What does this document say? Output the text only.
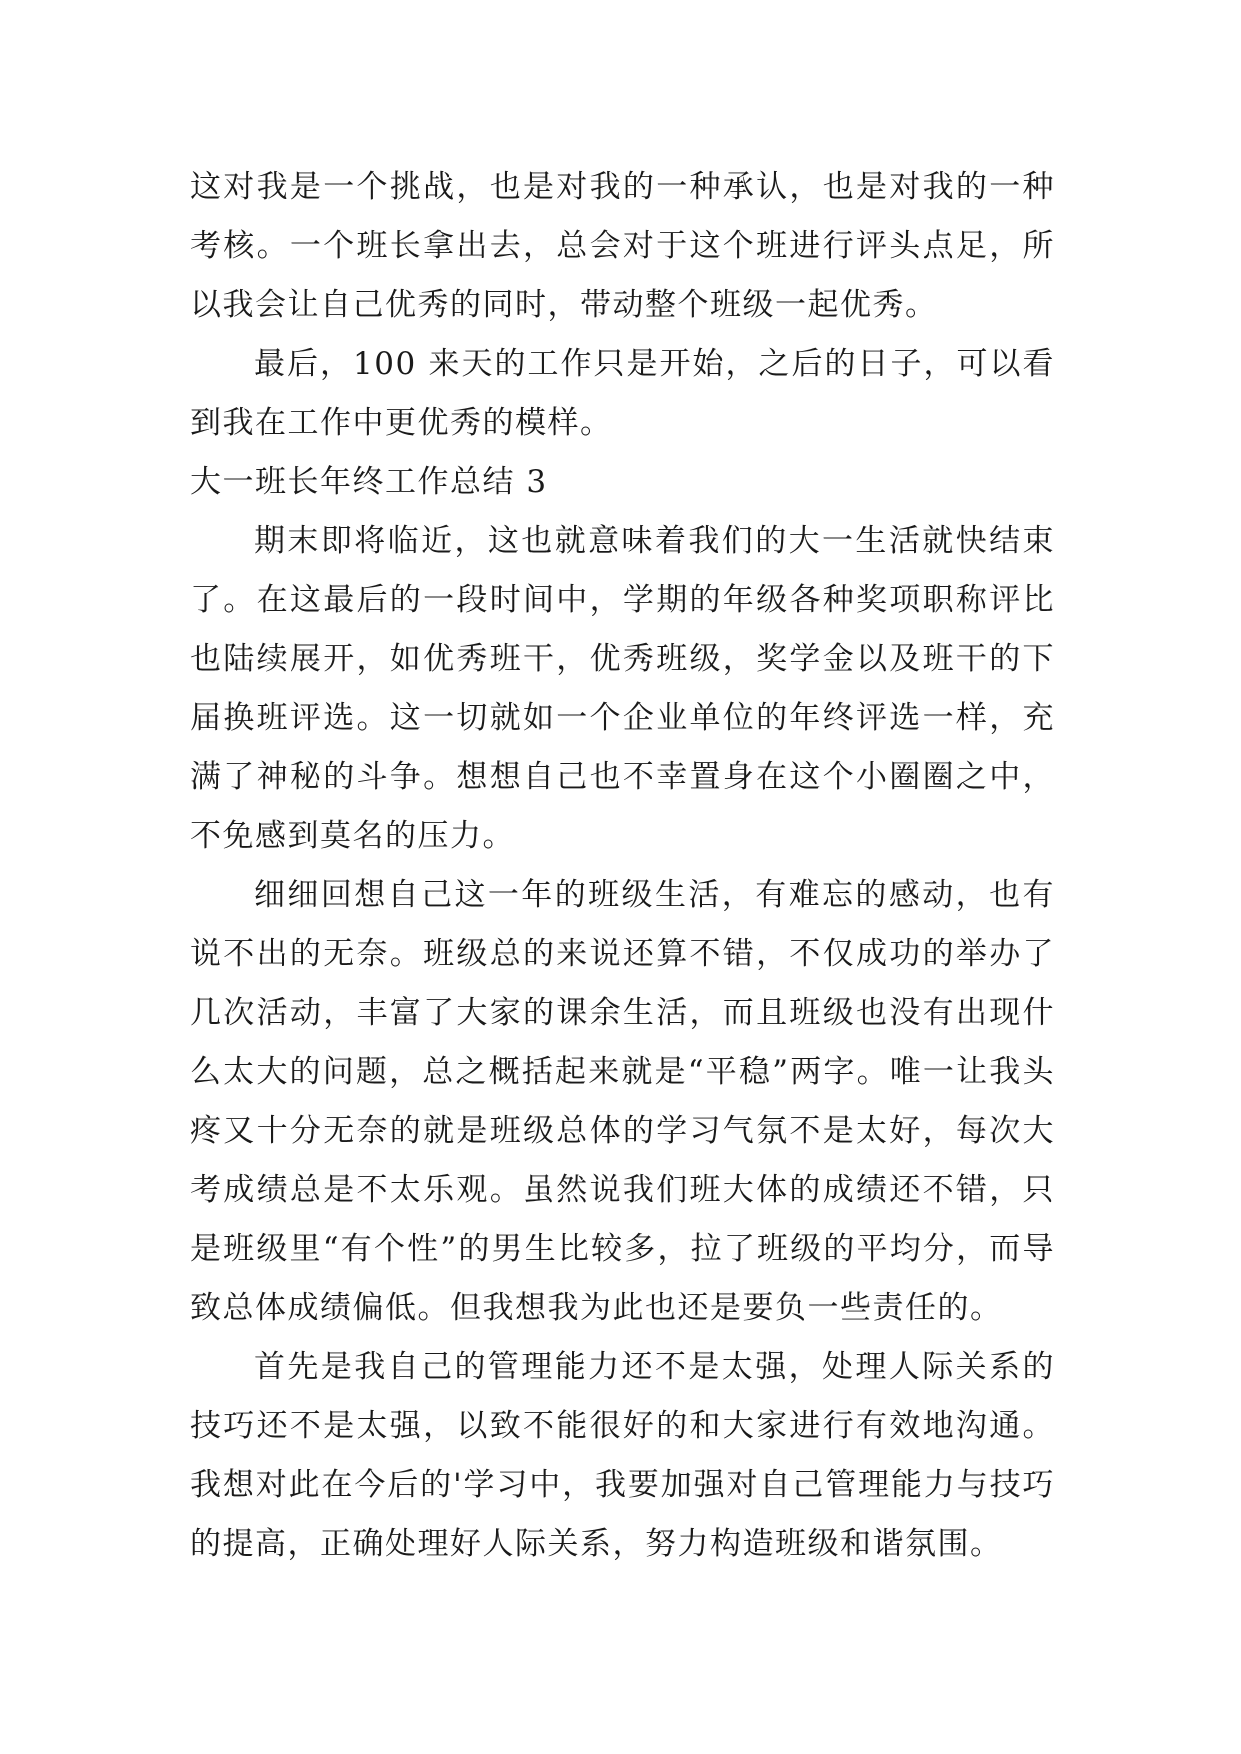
这对我是一个挑战，也是对我的一种承认，也是对我的一种考核。一个班长拿出去，总会对于这个班进行评头点足，所以我会让自己优秀的同时，带动整个班级一起优秀。

最后，100 来天的工作只是开始，之后的日子，可以看到我在工作中更优秀的模样。

大一班长年终工作总结 3

期末即将临近，这也就意味着我们的大一生活就快结束了。在这最后的一段时间中，学期的年级各种奖项职称评比也陆续展开，如优秀班干，优秀班级，奖学金以及班干的下届换班评选。这一切就如一个企业单位的年终评选一样，充满了神秘的斗争。想想自己也不幸置身在这个小圈圈之中，不免感到莫名的压力。

细细回想自己这一年的班级生活，有难忘的感动，也有说不出的无奈。班级总的来说还算不错，不仅成功的举办了几次活动，丰富了大家的课余生活，而且班级也没有出现什么太大的问题，总之概括起来就是“平稳”两字。唯一让我头疼又十分无奈的就是班级总体的学习气氛不是太好，每次大考成绩总是不太乐观。虽然说我们班大体的成绩还不错，只是班级里“有个性”的男生比较多，拉了班级的平均分，而导致总体成绩偏低。但我想我为此也还是要负一些责任的。

首先是我自己的管理能力还不是太强，处理人际关系的技巧还不是太强，以致不能很好的和大家进行有效地沟通。我想对此在今后的'学习中，我要加强对自己管理能力与技巧的提高，正确处理好人际关系，努力构造班级和谐氛围。
